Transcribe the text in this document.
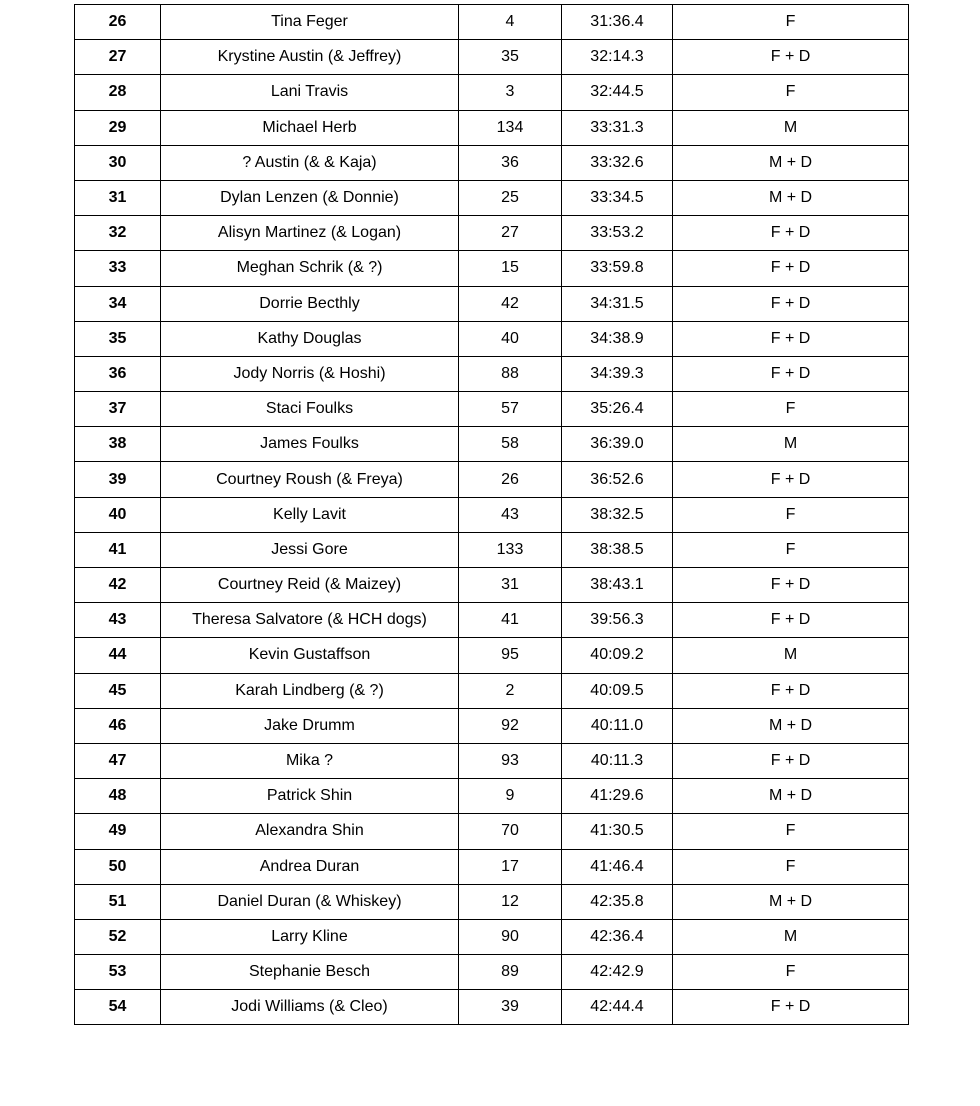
26	Tina Feger	4	31:36.4	F
27	Krystine Austin (& Jeffrey)	35	32:14.3	F + D
28	Lani Travis	3	32:44.5	F
29	Michael Herb	134	33:31.3	M
30	? Austin (& & Kaja)	36	33:32.6	M + D
31	Dylan Lenzen (& Donnie)	25	33:34.5	M + D
32	Alisyn Martinez (& Logan)	27	33:53.2	F + D
33	Meghan Schrik (& ?)	15	33:59.8	F + D
34	Dorrie Becthly	42	34:31.5	F + D
35	Kathy Douglas	40	34:38.9	F + D
36	Jody Norris (& Hoshi)	88	34:39.3	F + D
37	Staci Foulks	57	35:26.4	F
38	James Foulks	58	36:39.0	M
39	Courtney Roush (& Freya)	26	36:52.6	F + D
40	Kelly Lavit	43	38:32.5	F
41	Jessi Gore	133	38:38.5	F
42	Courtney Reid (& Maizey)	31	38:43.1	F + D
43	Theresa Salvatore (& HCH dogs)	41	39:56.3	F + D
44	Kevin Gustaffson	95	40:09.2	M
45	Karah Lindberg (& ?)	2	40:09.5	F + D
46	Jake Drumm	92	40:11.0	M + D
47	Mika ?	93	40:11.3	F + D
48	Patrick Shin	9	41:29.6	M + D
49	Alexandra Shin	70	41:30.5	F
50	Andrea Duran	17	41:46.4	F
51	Daniel Duran (& Whiskey)	12	42:35.8	M + D
52	Larry Kline	90	42:36.4	M
53	Stephanie Besch	89	42:42.9	F
54	Jodi Williams (& Cleo)	39	42:44.4	F + D
